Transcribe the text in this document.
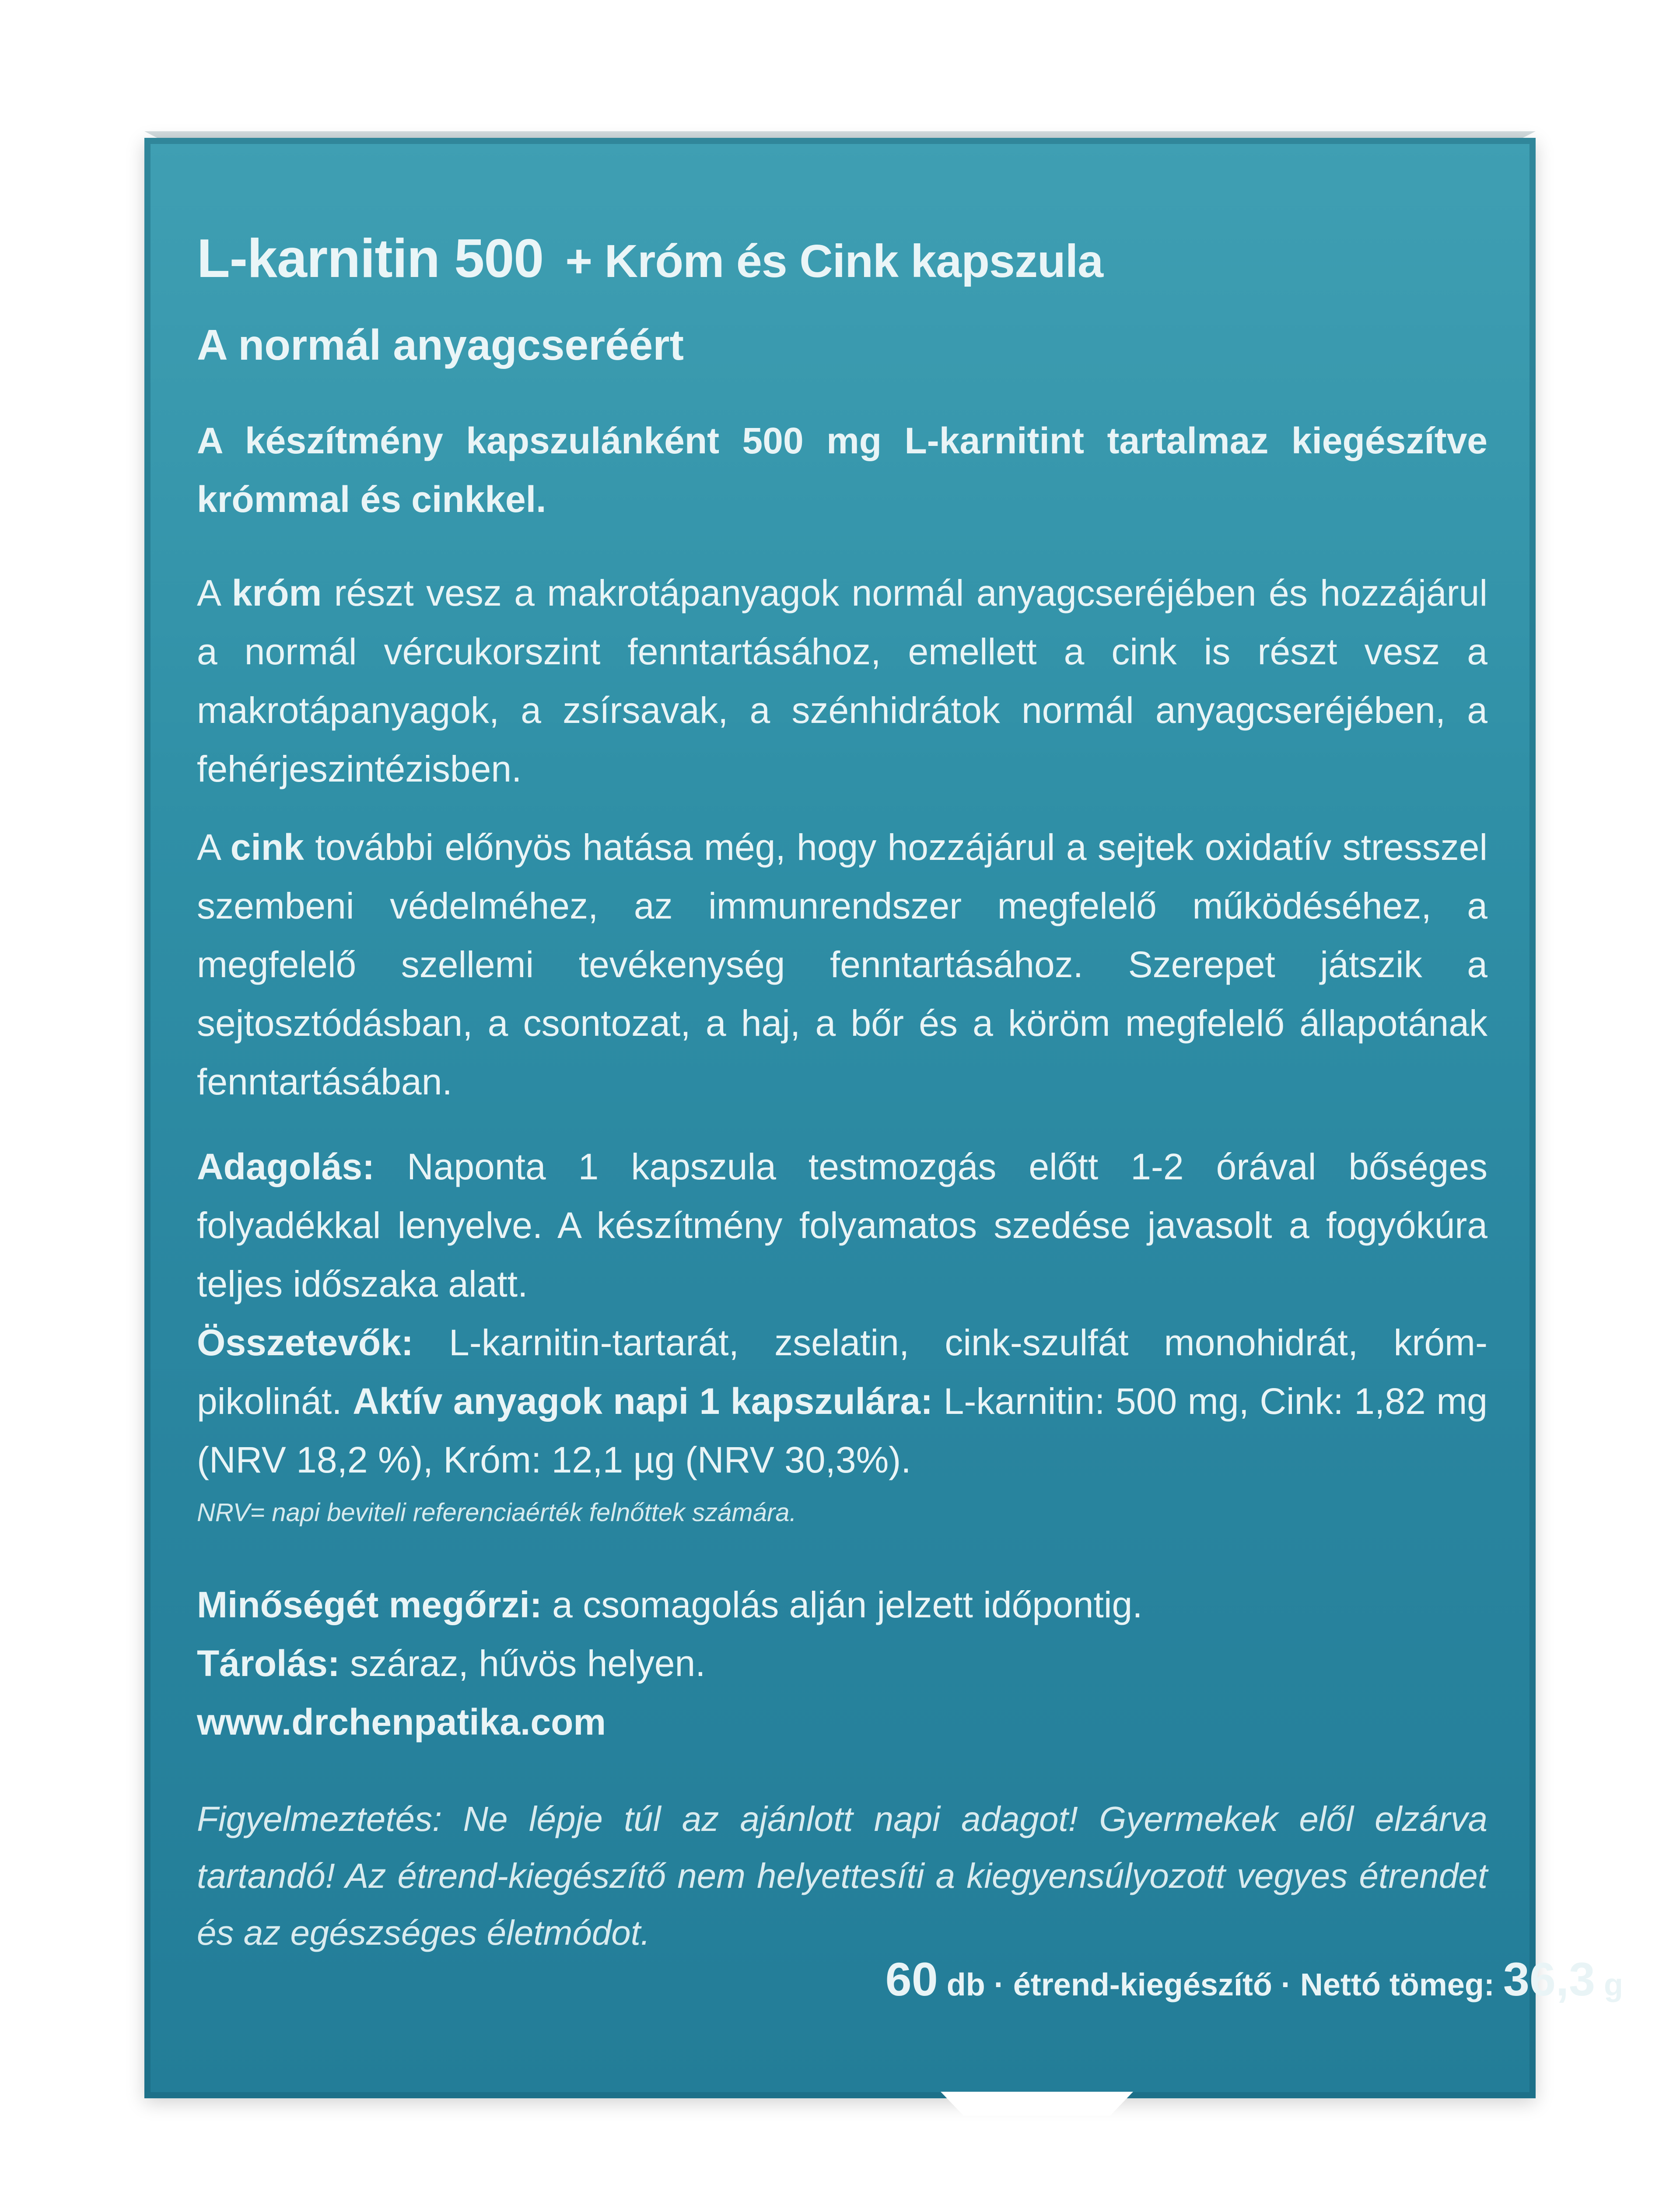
L-karnitin 500 + Króm és Cink kapszula
A normál anyagcseréért

A készítmény kapszulánként 500 mg L-karnitint tartalmaz kiegészítve krómmal és cinkkel.

A króm részt vesz a makrotápanyagok normál anyagcseréjében és hozzájárul a normál vércukorszint fenntartásához, emellett a cink is részt vesz a makrotápanyagok, a zsírsavak, a szénhidrátok normál anyagcseréjében, a fehérjeszintézisben.

A cink további előnyös hatása még, hogy hozzájárul a sejtek oxidatív stresszel szembeni védelméhez, az immunrendszer megfelelő működéséhez, a megfelelő szellemi tevékenység fenntartásához. Szerepet játszik a sejtosztódásban, a csontozat, a haj, a bőr és a köröm megfelelő állapotának fenntartásában.

Adagolás: Naponta 1 kapszula testmozgás előtt 1-2 órával bőséges folyadékkal lenyelve. A készítmény folyamatos szedése javasolt a fogyókúra teljes időszaka alatt.

Összetevők: L-karnitin-tartarát, zselatin, cink-szulfát monohidrát, króm-pikolinát. Aktív anyagok napi 1 kapszulára: L-karnitin: 500 mg, Cink: 1,82 mg (NRV 18,2 %), Króm: 12,1 µg (NRV 30,3%).

NRV= napi beviteli referenciaérték felnőttek számára.

Minőségét megőrzi: a csomagolás alján jelzett időpontig.

Tárolás: száraz, hűvös helyen.

www.drchenpatika.com

Figyelmeztetés: Ne lépje túl az ajánlott napi adagot! Gyermekek elől elzárva tartandó! Az étrend-kiegészítő nem helyettesíti a kiegyensúlyozott vegyes étrendet és az egészséges életmódot.

60 db · étrend-kiegészítő · Nettó tömeg: 36,3 g
